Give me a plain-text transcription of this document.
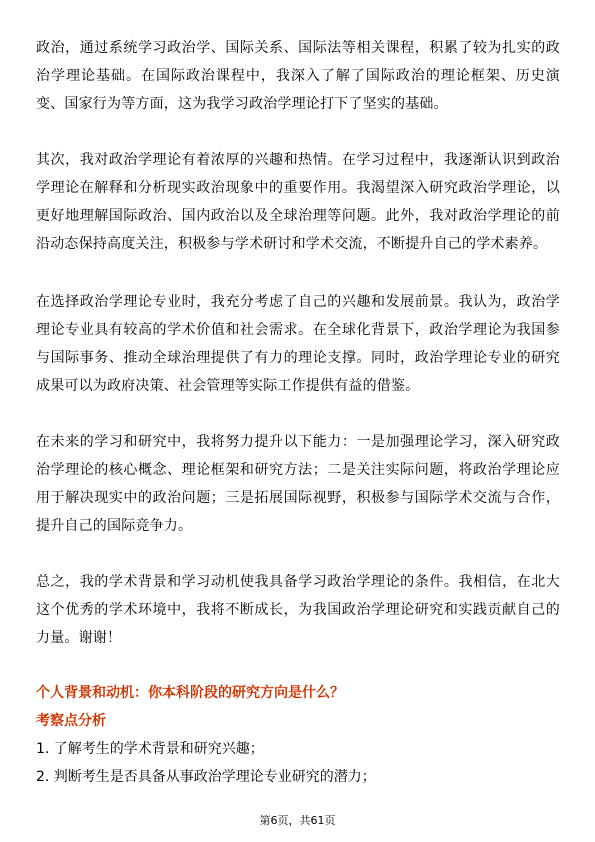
政治，通过系统学习政治学、国际关系、国际法等相关课程，积累了较为扎实的政治学理论基础。在国际政治课程中，我深入了解了国际政治的理论框架、历史演变、国家行为等方面，这为我学习政治学理论打下了坚实的基础。

其次，我对政治学理论有着浓厚的兴趣和热情。在学习过程中，我逐渐认识到政治学理论在解释和分析现实政治现象中的重要作用。我渴望深入研究政治学理论，以更好地理解国际政治、国内政治以及全球治理等问题。此外，我对政治学理论的前沿动态保持高度关注，积极参与学术研讨和学术交流，不断提升自己的学术素养。

在选择政治学理论专业时，我充分考虑了自己的兴趣和发展前景。我认为，政治学理论专业具有较高的学术价值和社会需求。在全球化背景下，政治学理论为我国参与国际事务、推动全球治理提供了有力的理论支撑。同时，政治学理论专业的研究成果可以为政府决策、社会管理等实际工作提供有益的借鉴。

在未来的学习和研究中，我将努力提升以下能力：一是加强理论学习，深入研究政治学理论的核心概念、理论框架和研究方法；二是关注实际问题，将政治学理论应用于解决现实中的政治问题；三是拓展国际视野，积极参与国际学术交流与合作，提升自己的国际竞争力。

总之，我的学术背景和学习动机使我具备学习政治学理论的条件。我相信，在北大这个优秀的学术环境中，我将不断成长，为我国政治学理论研究和实践贡献自己的力量。谢谢！

个人背景和动机：你本科阶段的研究方向是什么？

考察点分析

1. 了解考生的学术背景和研究兴趣；

2. 判断考生是否具备从事政治学理论专业研究的潜力；

第6页，共61页
